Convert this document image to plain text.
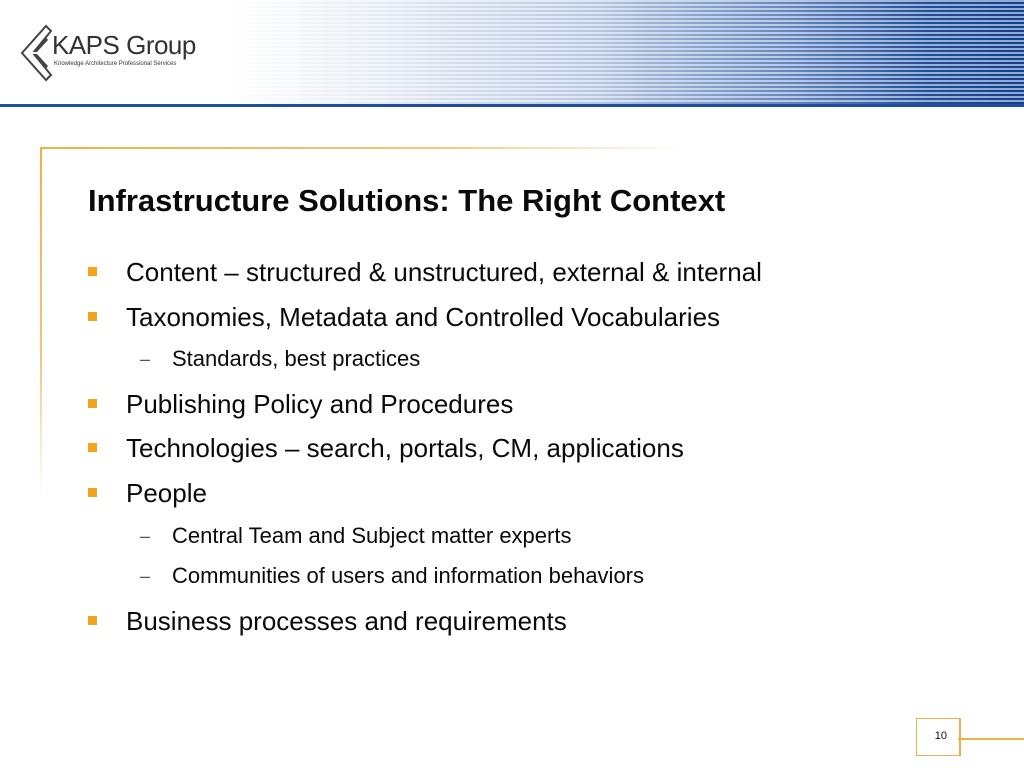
KAPS Group
Knowledge Architecture Professional Services
Infrastructure Solutions: The Right Context
Content – structured & unstructured, external & internal
Taxonomies, Metadata and Controlled Vocabularies
– Standards, best practices
Publishing Policy and Procedures
Technologies – search, portals, CM, applications
People
– Central Team and Subject matter experts
– Communities of users and information behaviors
Business processes and requirements
10
